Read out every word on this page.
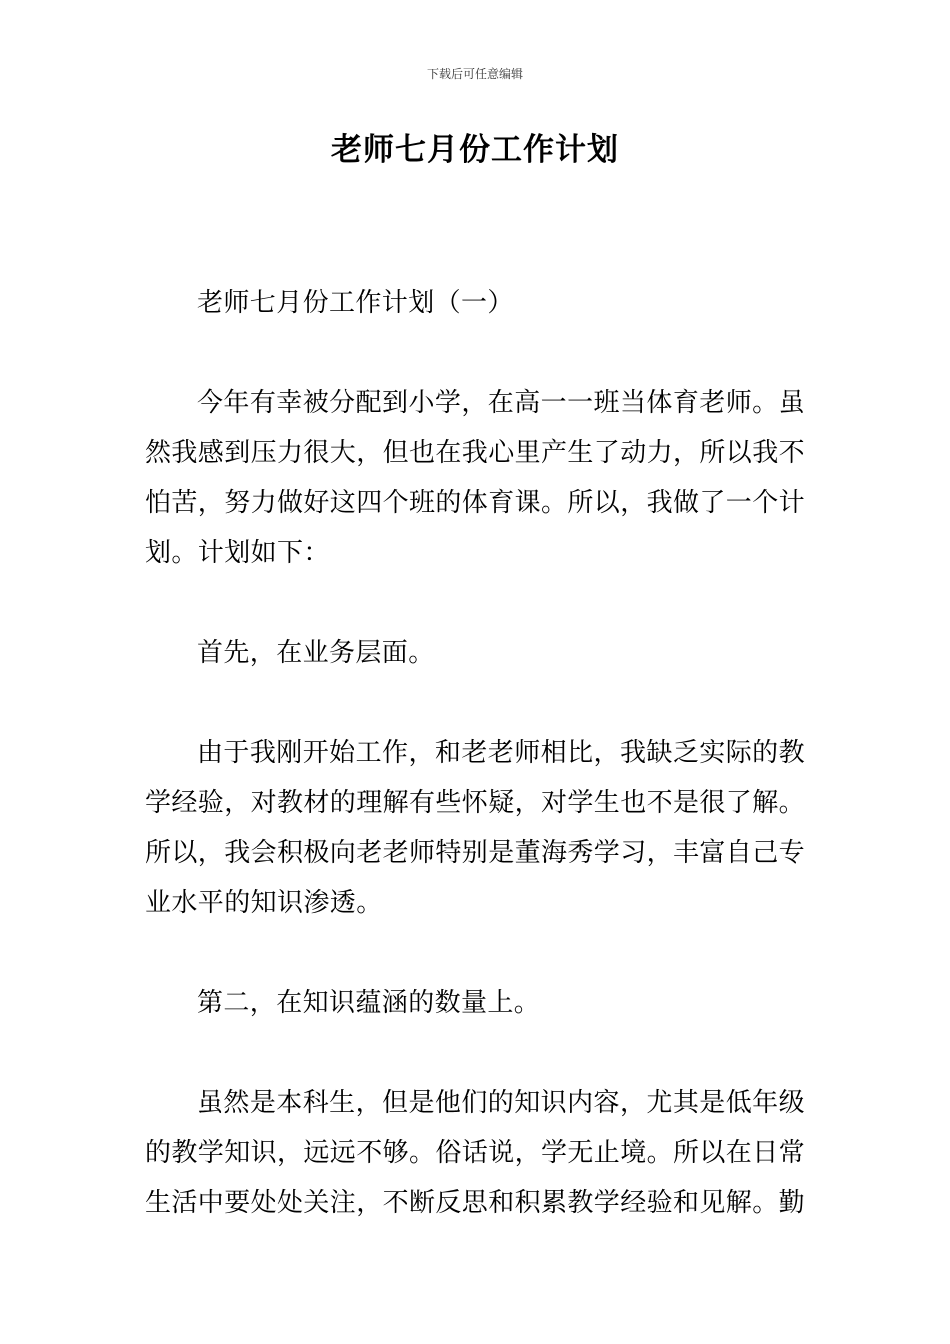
下载后可任意编辑
老师七月份工作计划

老师七月份工作计划（一）

今年有幸被分配到小学，在高一一班当体育老师。虽然我感到压力很大，但也在我心里产生了动力，所以我不怕苦，努力做好这四个班的体育课。所以，我做了一个计划。计划如下：

首先，在业务层面。

由于我刚开始工作，和老老师相比，我缺乏实际的教学经验，对教材的理解有些怀疑，对学生也不是很了解。所以，我会积极向老老师特别是董海秀学习，丰富自己专业水平的知识渗透。

第二，在知识蕴涵的数量上。

虽然是本科生，但是他们的知识内容，尤其是低年级的教学知识，远远不够。俗话说，学无止境。所以在日常生活中要处处关注，不断反思和积累教学经验和见解。勤
